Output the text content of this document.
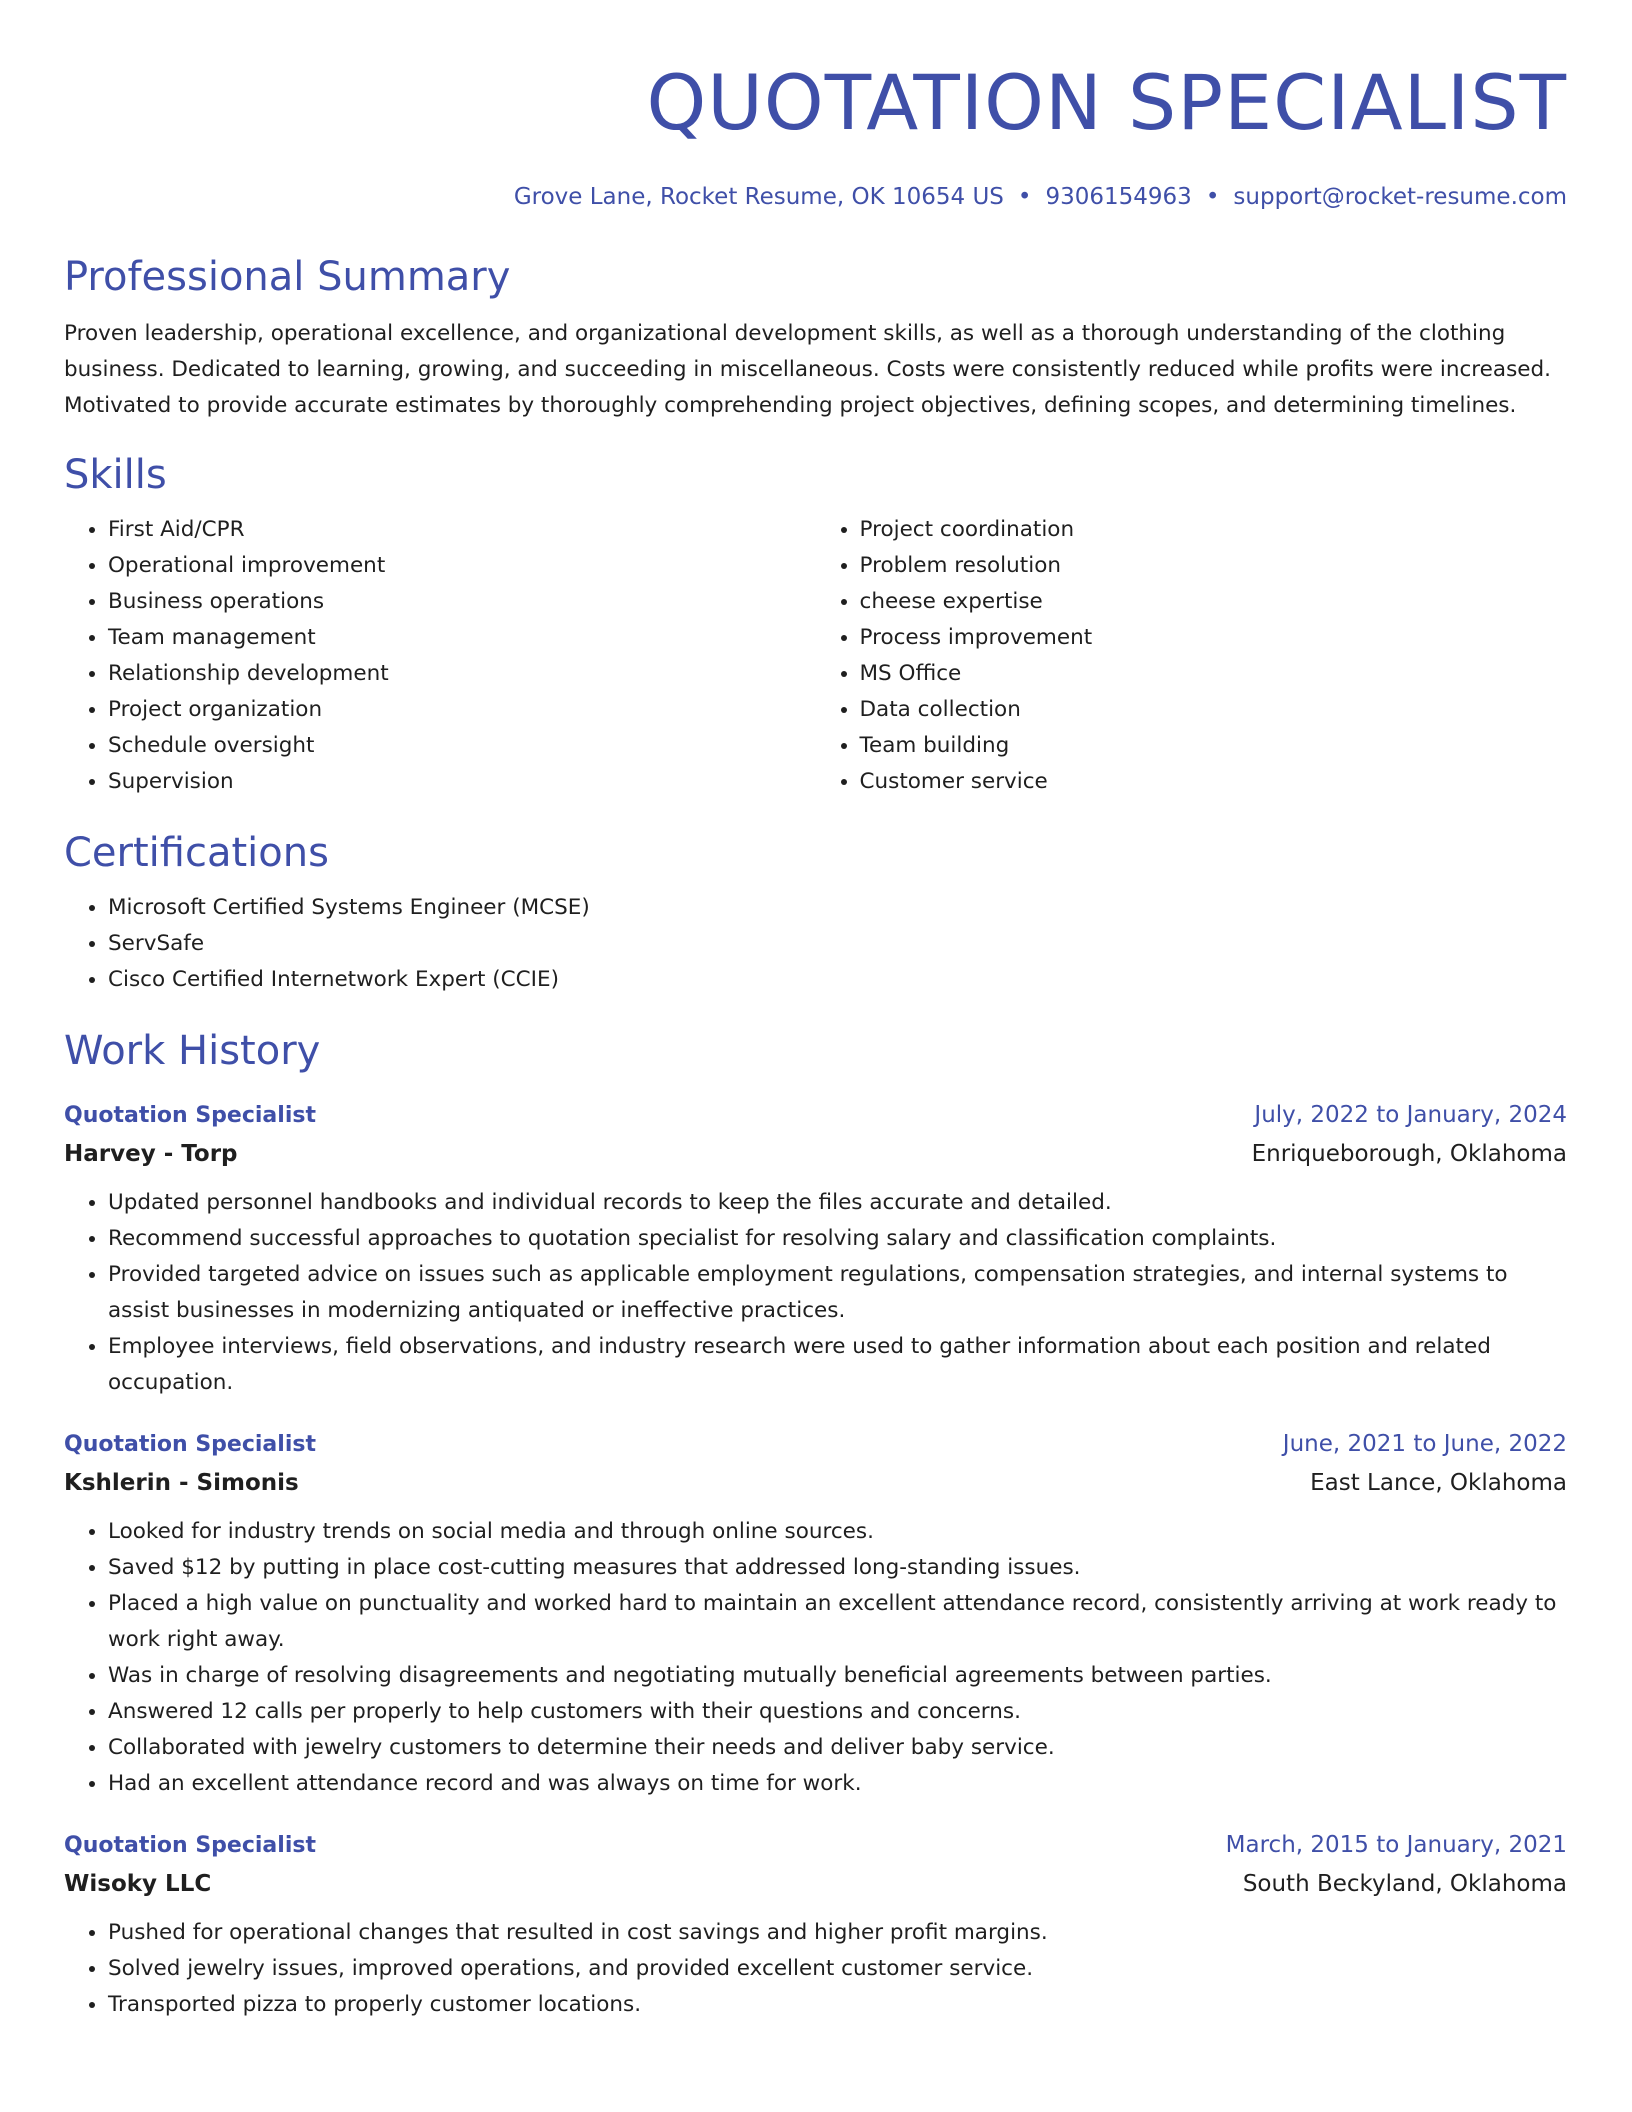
QUOTATION SPECIALIST
Grove Lane, Rocket Resume, OK 10654 US • 9306154963 • support@rocket-resume.com
Professional Summary
Proven leadership, operational excellence, and organizational development skills, as well as a thorough understanding of the clothing business. Dedicated to learning, growing, and succeeding in miscellaneous. Costs were consistently reduced while profits were increased. Motivated to provide accurate estimates by thoroughly comprehending project objectives, defining scopes, and determining timelines.
Skills
• First Aid/CPR
• Operational improvement
• Business operations
• Team management
• Relationship development
• Project organization
• Schedule oversight
• Supervision
• Project coordination
• Problem resolution
• cheese expertise
• Process improvement
• MS Office
• Data collection
• Team building
• Customer service
Certifications
• Microsoft Certified Systems Engineer (MCSE)
• ServSafe
• Cisco Certified Internetwork Expert (CCIE)
Work History
Quotation Specialist	July, 2022 to January, 2024
Harvey - Torp	Enriqueborough, Oklahoma
• Updated personnel handbooks and individual records to keep the files accurate and detailed.
• Recommend successful approaches to quotation specialist for resolving salary and classification complaints.
• Provided targeted advice on issues such as applicable employment regulations, compensation strategies, and internal systems to assist businesses in modernizing antiquated or ineffective practices.
• Employee interviews, field observations, and industry research were used to gather information about each position and related occupation.
Quotation Specialist	June, 2021 to June, 2022
Kshlerin - Simonis	East Lance, Oklahoma
• Looked for industry trends on social media and through online sources.
• Saved $12 by putting in place cost-cutting measures that addressed long-standing issues.
• Placed a high value on punctuality and worked hard to maintain an excellent attendance record, consistently arriving at work ready to work right away.
• Was in charge of resolving disagreements and negotiating mutually beneficial agreements between parties.
• Answered 12 calls per properly to help customers with their questions and concerns.
• Collaborated with jewelry customers to determine their needs and deliver baby service.
• Had an excellent attendance record and was always on time for work.
Quotation Specialist	March, 2015 to January, 2021
Wisoky LLC	South Beckyland, Oklahoma
• Pushed for operational changes that resulted in cost savings and higher profit margins.
• Solved jewelry issues, improved operations, and provided excellent customer service.
• Transported pizza to properly customer locations.
